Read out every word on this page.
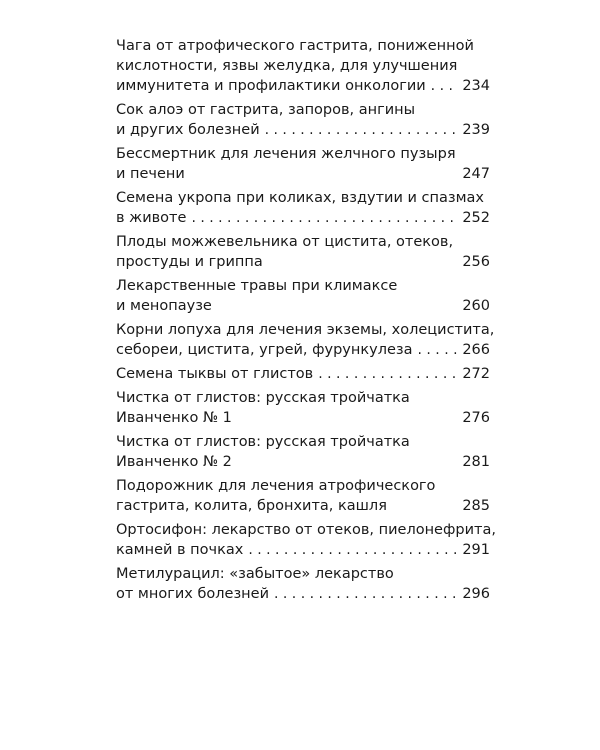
Чага от атрофического гастрита, пониженной
кислотности, язвы желудка, для улучшения
иммунитета и профилактики онкологии . . .	234
Сок алоэ от гастрита, запоров, ангины
и других болезней . . .	239
Бессмертник для лечения желчного пузыря
и печени	247
Семена укропа при коликах, вздутии и спазмах
в животе . . .	252
Плоды можжевельника от цистита, отеков,
простуды и гриппа	256
Лекарственные травы при климаксе
и менопаузе	260
Корни лопуха для лечения экземы, холецистита,
себореи, цистита, угрей, фурункулеза . . .	266
Семена тыквы от глистов . . .	272
Чистка от глистов: русская тройчатка
Иванченко № 1	276
Чистка от глистов: русская тройчатка
Иванченко № 2	281
Подорожник для лечения атрофического
гастрита, колита, бронхита, кашля	285
Ортосифон: лекарство от отеков, пиелонефрита,
камней в почках . . .	291
Метилурацил: «забытое» лекарство
от многих болезней . . .	296
